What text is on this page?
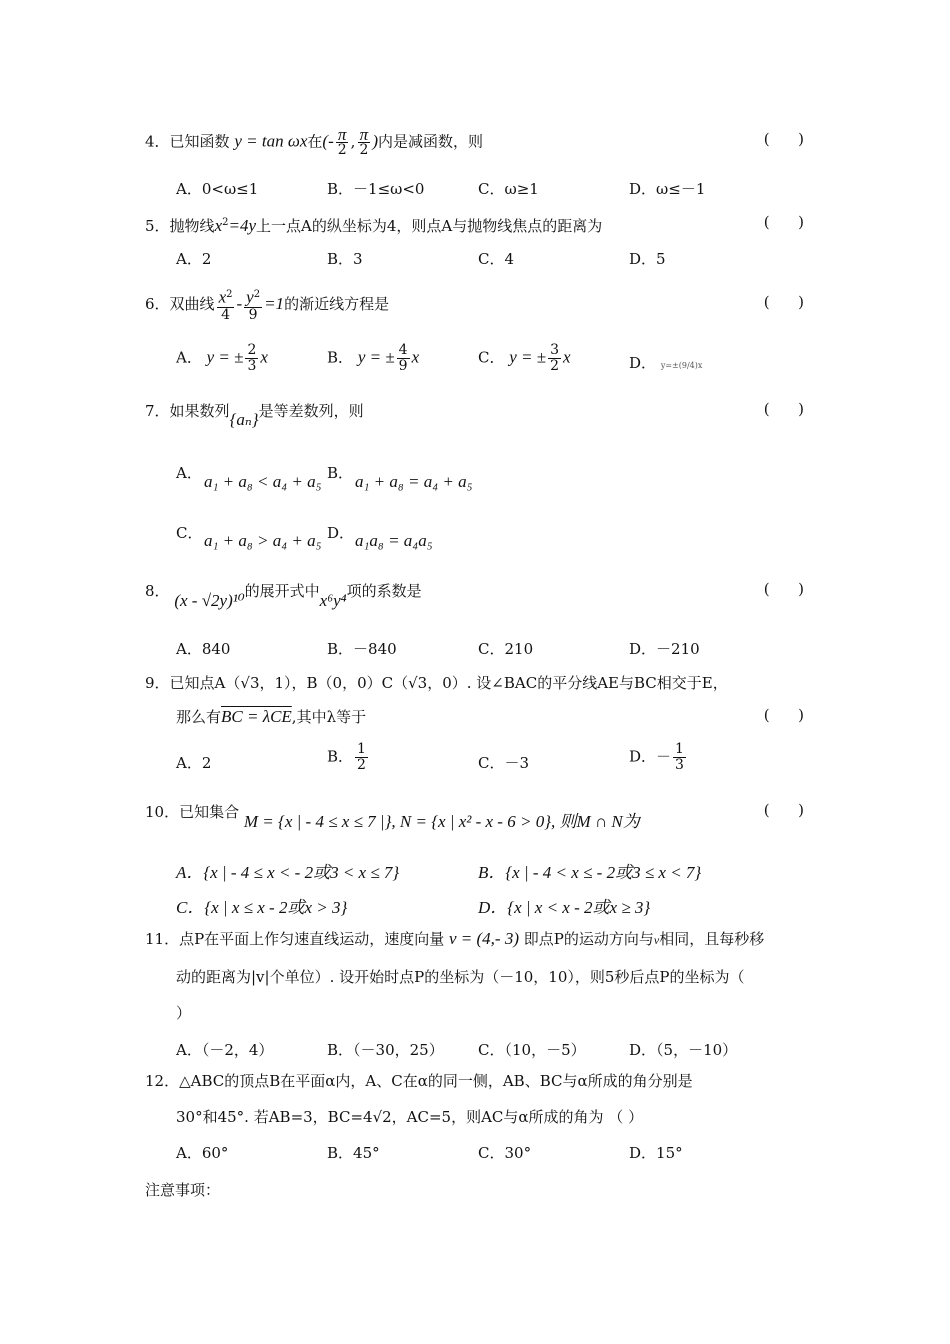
4．已知函数 y = tan ωx在(- $\frac{\pi}{2}$ , $\frac{\pi}{2}$ )内是减函数，则	(      )
A．0<ω≤1	B．－1≤ω<0	C．ω≥1	D．ω≤－1
5．抛物线$x^2=4y$上一点A的纵坐标为4，则点A与抛物线焦点的距离为	(      )
A．2	B．3	C．4	D．5
6．双曲线 $\frac{x^2}{4} - \frac{y^2}{9} =1$的渐近线方程是	(      )
A． y = ± $\frac{2}{3}$ x	B． y = ± $\frac{4}{9}$ x	C． y = ± $\frac{3}{2}$ x	D． y=±(9/4)x
7．如果数列{aₙ}是等差数列，则	(      )
A． a₁ + a₈ < a₄ + a₅ B． a₁ + a₈ = a₄ + a₅
C． a₁ + a₈ > a₄ + a₅ D． a₁a₈ = a₄a₅
8． (x - √2y)¹⁰的展开式中x⁶y⁴项的系数是	(      )
A．840	B．－840	C．210	D．－210
9．已知点A（√3，1），B（0，0）C（√3，0）. 设∠BAC的平分线AE与BC相交于E，
那么有BC = λCE,其中λ等于	(      )
A．2	B． $\frac{1}{2}$	C．－3	D．－ $\frac{1}{3}$
10．已知集合 M = {x | - 4 ≤ x ≤ 7 |}, N = {x | x² - x - 6 > 0}, 则M ∩ N为
(      )
A．{x | - 4 ≤ x < - 2或3 < x ≤ 7}	B．{x | - 4 < x ≤ - 2或3 ≤ x < 7}
C．{x | x ≤ x - 2或x > 3}	D．{x | x < x - 2或x ≥ 3}
11．点P在平面上作匀速直线运动，速度向量 v = (4,- 3) 即点P的运动方向与v相同，且每秒移
动的距离为|v|个单位）. 设开始时点P的坐标为（－10，10），则5秒后点P的坐标为（
）
A．（－2，4）	B．（－30，25） C．（10，－5）	D．（5，－10）
12．△ABC的顶点B在平面α内，A、C在α的同一侧，AB、BC与α所成的角分别是
30°和45°. 若AB=3，BC=4√2，AC=5，则AC与α所成的角为 （ ）
A．60°	B．45°	C．30°	D．15°
注意事项：
